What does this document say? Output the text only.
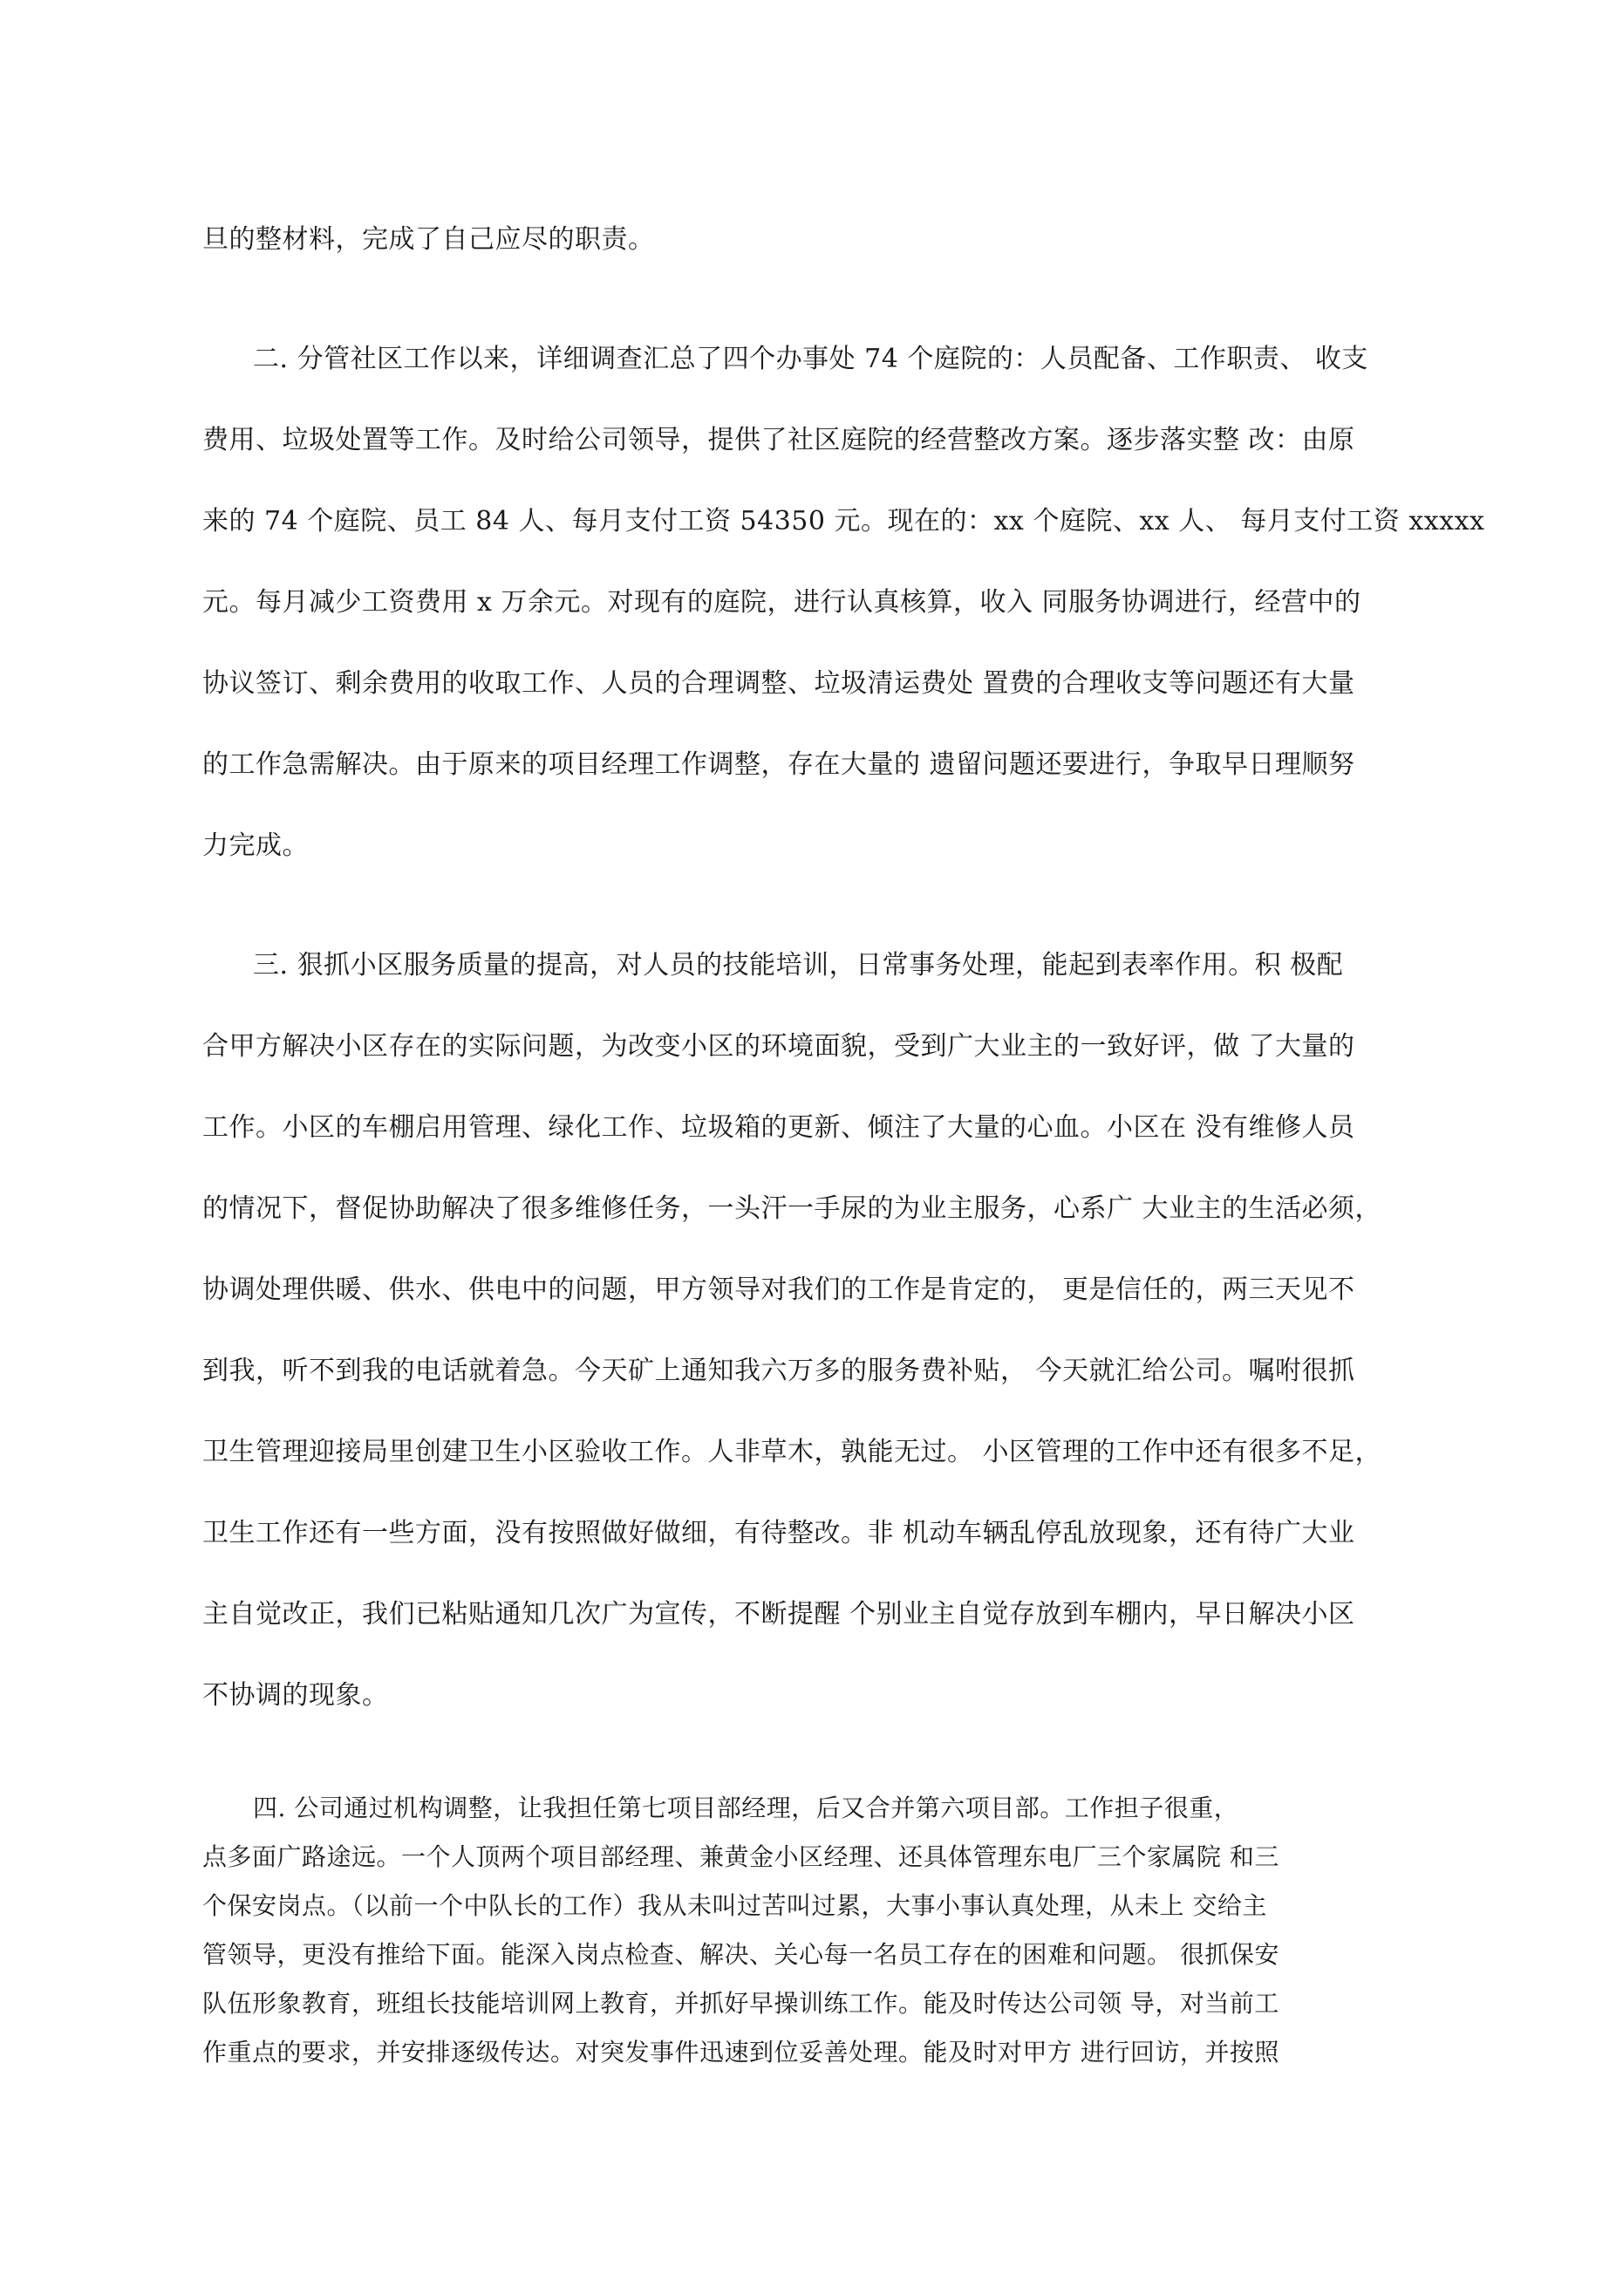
旦的整材料，完成了自己应尽的职责。
二. 分管社区工作以来，详细调查汇总了四个办事处 74 个庭院的：人员配备、工作职责、 收支
费用、垃圾处置等工作。及时给公司领导，提供了社区庭院的经营整改方案。逐步落实整 改：由原
来的 74 个庭院、员工 84 人、每月支付工资 54350 元。现在的：xx 个庭院、xx 人、 每月支付工资 xxxxx
元。每月减少工资费用 x 万余元。对现有的庭院，进行认真核算，收入 同服务协调进行，经营中的
协议签订、剩余费用的收取工作、人员的合理调整、垃圾清运费处 置费的合理收支等问题还有大量
的工作急需解决。由于原来的项目经理工作调整，存在大量的 遗留问题还要进行，争取早日理顺努
力完成。
三. 狠抓小区服务质量的提高，对人员的技能培训，日常事务处理，能起到表率作用。积 极配
合甲方解决小区存在的实际问题，为改变小区的环境面貌，受到广大业主的一致好评，做 了大量的
工作。小区的车棚启用管理、绿化工作、垃圾箱的更新、倾注了大量的心血。小区在 没有维修人员
的情况下，督促协助解决了很多维修任务，一头汗一手尿的为业主服务，心系广 大业主的生活必须，
协调处理供暖、供水、供电中的问题，甲方领导对我们的工作是肯定的， 更是信任的，两三天见不
到我，听不到我的电话就着急。今天矿上通知我六万多的服务费补贴， 今天就汇给公司。嘱咐很抓
卫生管理迎接局里创建卫生小区验收工作。人非草木，孰能无过。 小区管理的工作中还有很多不足，
卫生工作还有一些方面，没有按照做好做细，有待整改。非 机动车辆乱停乱放现象，还有待广大业
主自觉改正，我们已粘贴通知几次广为宣传，不断提醒 个别业主自觉存放到车棚内，早日解决小区
不协调的现象。
四. 公司通过机构调整，让我担任第七项目部经理，后又合并第六项目部。工作担子很重，
点多面广路途远。一个人顶两个项目部经理、兼黄金小区经理、还具体管理东电厂三个家属院 和三
个保安岗点。（以前一个中队长的工作）我从未叫过苦叫过累，大事小事认真处理，从未上 交给主
管领导，更没有推给下面。能深入岗点检查、解决、关心每一名员工存在的困难和问题。 很抓保安
队伍形象教育，班组长技能培训网上教育，并抓好早操训练工作。能及时传达公司领 导，对当前工
作重点的要求，并安排逐级传达。对突发事件迅速到位妥善处理。能及时对甲方 进行回访，并按照
